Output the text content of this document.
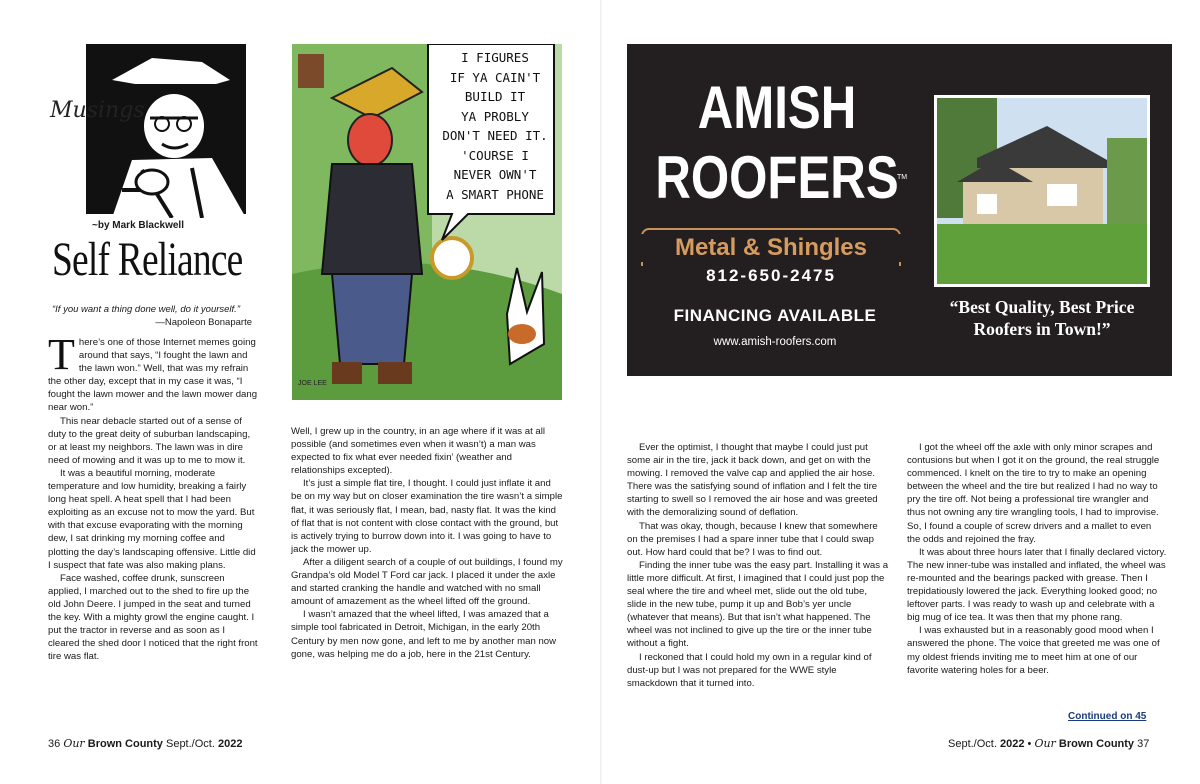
Musings
~by Mark Blackwell
Self Reliance
“If you want a thing done well, do it yourself.”
—Napoleon Bonaparte

There’s one of those Internet memes going around that says, “I fought the lawn and the lawn won.” Well, that was my refrain the other day, except that in my case it was, “I fought the lawn mower and the lawn mower dang near won.”

This near debacle started out of a sense of duty to the great deity of suburban landscaping, or at least my neighbors. The lawn was in dire need of mowing and it was up to me to mow it.

It was a beautiful morning, moderate temperature and low humidity, breaking a fairly long heat spell. A heat spell that I had been exploiting as an excuse not to mow the yard. But with that excuse evaporating with the morning dew, I sat drinking my morning coffee and plotting the day’s landscaping offensive. Little did I suspect that fate was also making plans.

Face washed, coffee drunk, sunscreen applied, I marched out to the shed to fire up the old John Deere. I jumped in the seat and turned the key. With a mighty growl the engine caught. I put the tractor in reverse and as soon as I cleared the shed door I noticed that the right front tire was flat.

I FIGURES
IF YA CAIN'T
BUILD IT
YA PROBLY
DON'T NEED IT.
'COURSE I
NEVER OWN'T
A SMART PHONE
JOE LEE

Well, I grew up in the country, in an age where if it was at all possible (and sometimes even when it wasn’t) a man was expected to fix what ever needed fixin’ (weather and relationships excepted).

It’s just a simple flat tire, I thought. I could just inflate it and be on my way but on closer examination the tire wasn’t a simple flat, it was seriously flat, I mean, bad, nasty flat. It was the kind of flat that is not content with close contact with the ground, but is actively trying to burrow down into it. I was going to have to jack the mower up.

After a diligent search of a couple of out buildings, I found my Grandpa’s old Model T Ford car jack. I placed it under the axle and started cranking the handle and watched with no small amount of amazement as the wheel lifted off the ground.

I wasn’t amazed that the wheel lifted, I was amazed that a simple tool fabricated in Detroit, Michigan, in the early 20th Century by men now gone, and left to me by another man now gone, was helping me do a job, here in the 21st Century.

36 Our Brown County Sept./Oct. 2022
AMISH
ROOFERS
TM
Metal & Shingles
812-650-2475
FINANCING AVAILABLE
www.amish-roofers.com
“Best Quality, Best Price Roofers in Town!”

Ever the optimist, I thought that maybe I could just put some air in the tire, jack it back down, and get on with the mowing. I removed the valve cap and applied the air hose. There was the satisfying sound of inflation and I felt the tire starting to swell so I removed the air hose and was greeted with the demoralizing sound of deflation.

That was okay, though, because I knew that somewhere on the premises I had a spare inner tube that I could swap out. How hard could that be? I was to find out.

Finding the inner tube was the easy part. Installing it was a little more difficult. At first, I imagined that I could just pop the seal where the tire and wheel met, slide out the old tube, slide in the new tube, pump it up and Bob’s yer uncle (whatever that means). But that isn’t what happened. The wheel was not inclined to give up the tire or the inner tube without a fight.

I reckoned that I could hold my own in a regular kind of dust-up but I was not prepared for the WWE style smackdown that it turned into.

I got the wheel off the axle with only minor scrapes and contusions but when I got it on the ground, the real struggle commenced. I knelt on the tire to try to make an opening between the wheel and the tire but realized I had no way to pry the tire off. Not being a professional tire wrangler and thus not owning any tire wrangling tools, I had to improvise. So, I found a couple of screw drivers and a mallet to even the odds and rejoined the fray.

It was about three hours later that I finally declared victory. The new inner-tube was installed and inflated, the wheel was re-mounted and the bearings packed with grease. Then I trepidatiously lowered the jack. Everything looked good; no leftover parts. I was ready to wash up and celebrate with a big mug of ice tea. It was then that my phone rang.

I was exhausted but in a reasonably good mood when I answered the phone. The voice that greeted me was one of my oldest friends inviting me to meet him at one of our favorite watering holes for a beer.

Continued on 45
Sept./Oct. 2022 • Our Brown County 37
